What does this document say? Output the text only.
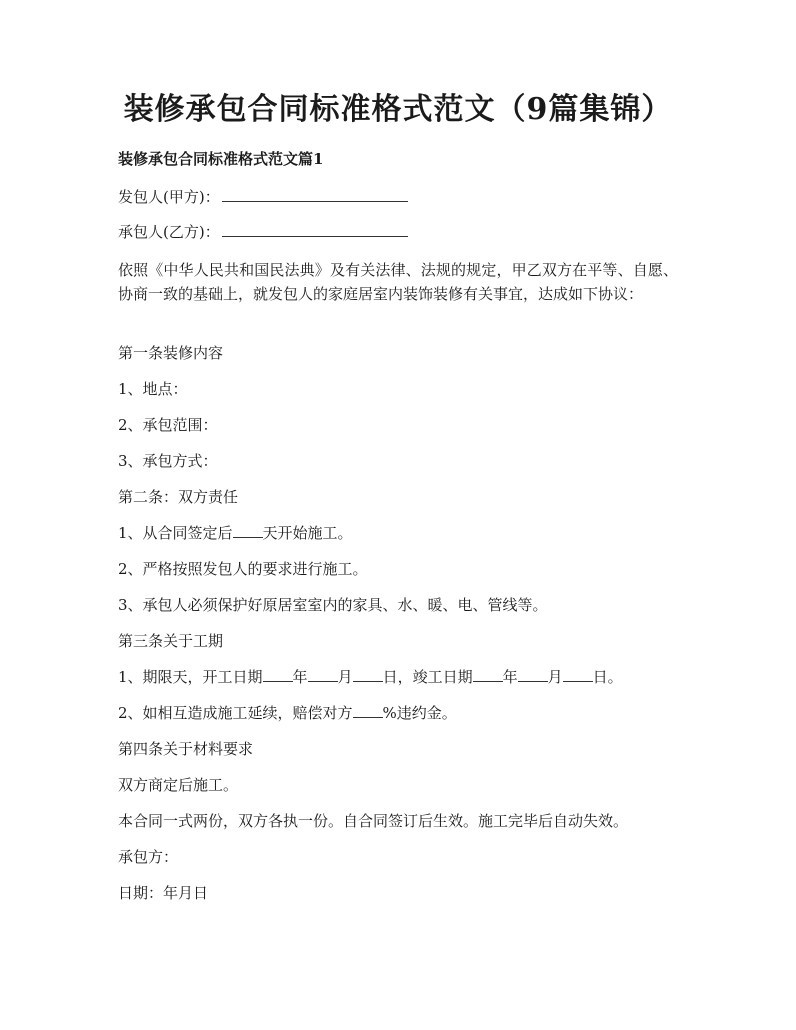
装修承包合同标准格式范文（9篇集锦）
装修承包合同标准格式范文篇1
发包人(甲方)：
承包人(乙方)：
依照《中华人民共和国民法典》及有关法律、法规的规定，甲乙双方在平等、自愿、协商一致的基础上，就发包人的家庭居室内装饰装修有关事宜，达成如下协议：
第一条装修内容
1、地点：
2、承包范围：
3、承包方式：
第二条：双方责任
1、从合同签定后 天开始施工。
2、严格按照发包人的要求进行施工。
3、承包人必须保护好原居室室内的家具、水、暖、电、管线等。
第三条关于工期
1、期限天，开工日期 年 月 日，竣工日期 年 月 日。
2、如相互造成施工延续，赔偿对方 %违约金。
第四条关于材料要求
双方商定后施工。
本合同一式两份，双方各执一份。自合同签订后生效。施工完毕后自动失效。
承包方：
日期：年月日
